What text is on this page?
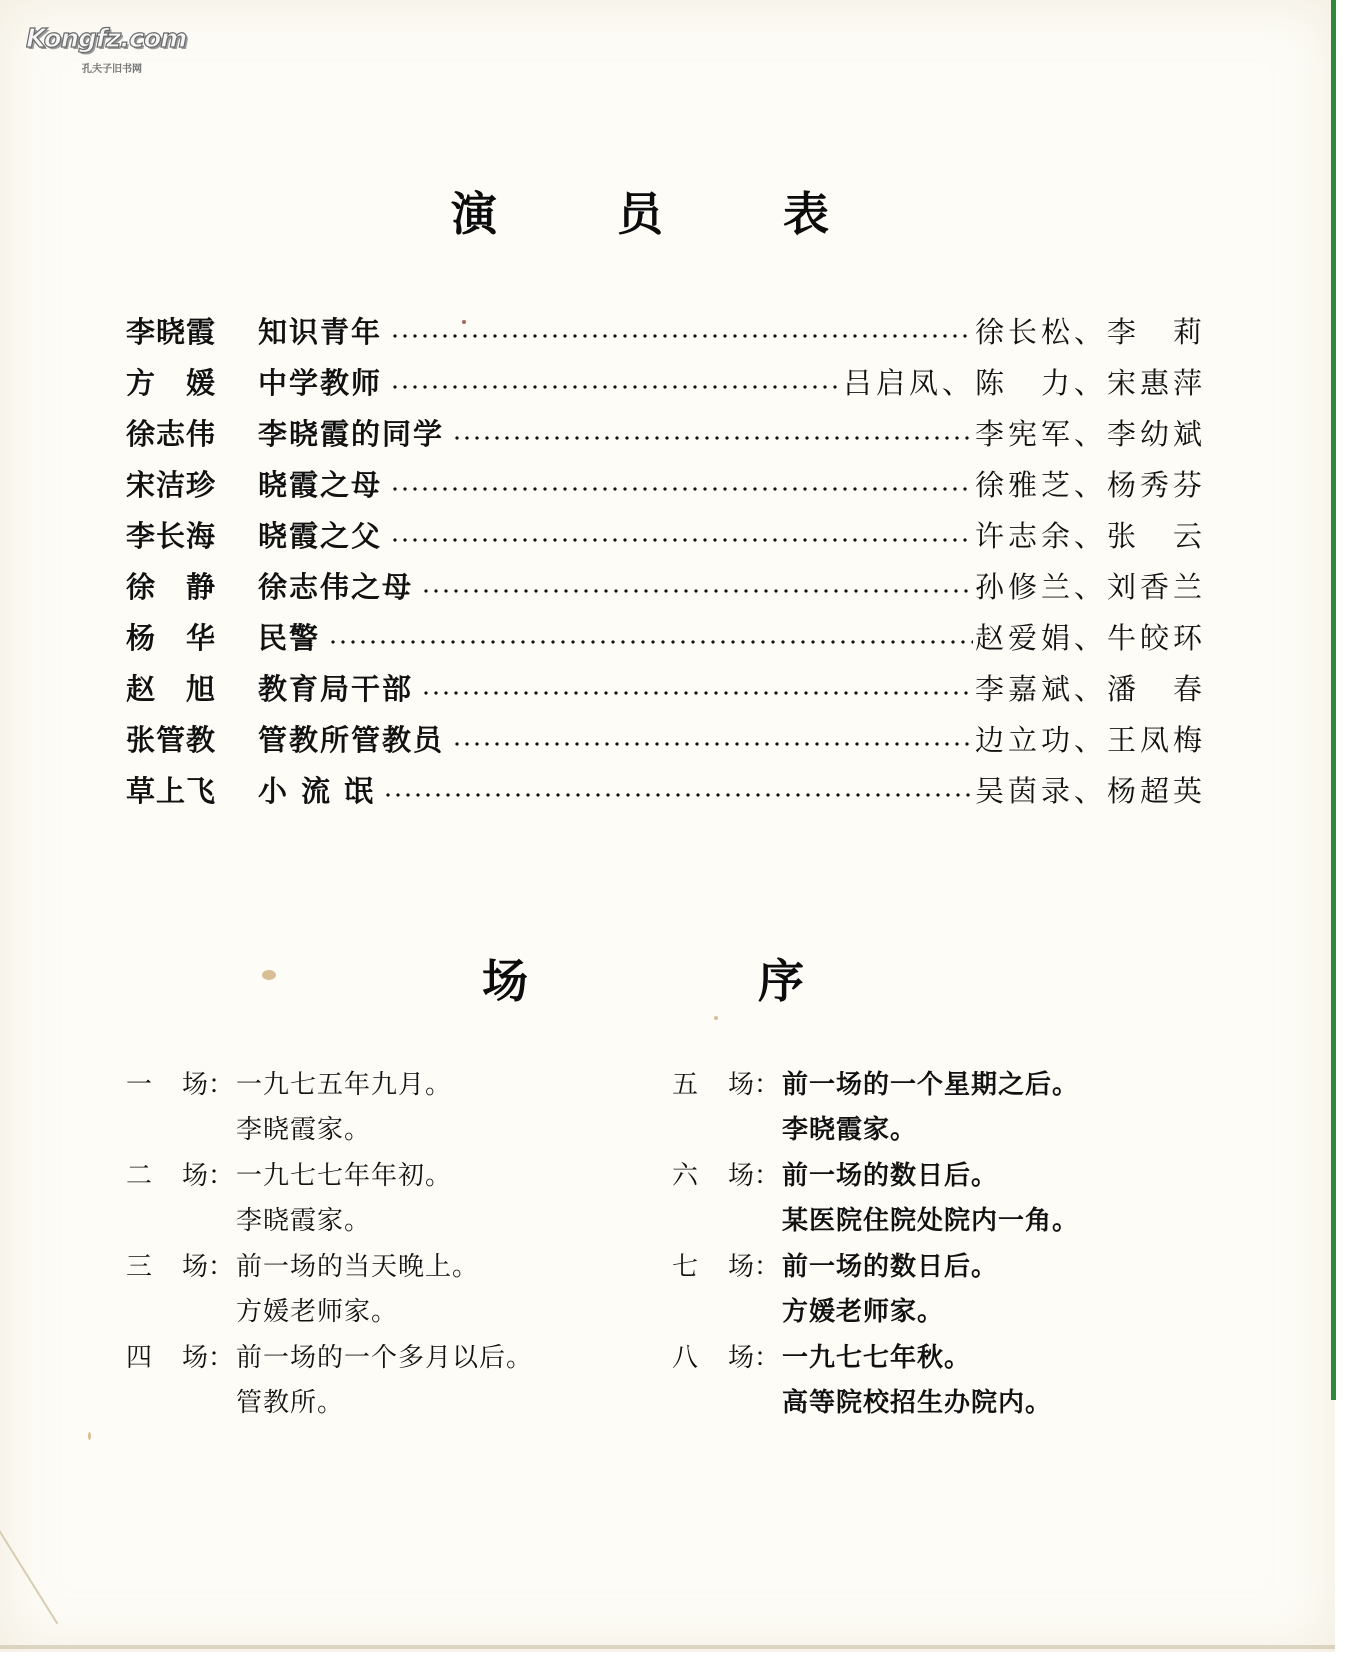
Kongfz.com
孔夫子旧书网
演	员	表
李晓霞	知识青年	徐长松、李　莉
方　媛	中学教师	吕启凤、陈　力、宋惠萍
徐志伟	李晓霞的同学	李宪军、李幼斌
宋洁珍	晓霞之母	徐雅芝、杨秀芬
李长海	晓霞之父	许志余、张　云
徐　静	徐志伟之母	孙修兰、刘香兰
杨　华	民警	赵爱娟、牛皎环
赵　旭	教育局干部	李嘉斌、潘　春
张管教	管教所管教员	边立功、王凤梅
草上飞	小 流 氓	吴茵录、杨超英
场	序
一	场： 一九七五年九月。
李晓霞家。
二	场： 一九七七年年初。
李晓霞家。
三	场： 前一场的当天晚上。
方媛老师家。
四	场： 前一场的一个多月以后。
管教所。
五	场： 前一场的一个星期之后。
李晓霞家。
六	场： 前一场的数日后。
某医院住院处院内一角。
七	场： 前一场的数日后。
方媛老师家。
八	场： 一九七七年秋。
高等院校招生办院内。
